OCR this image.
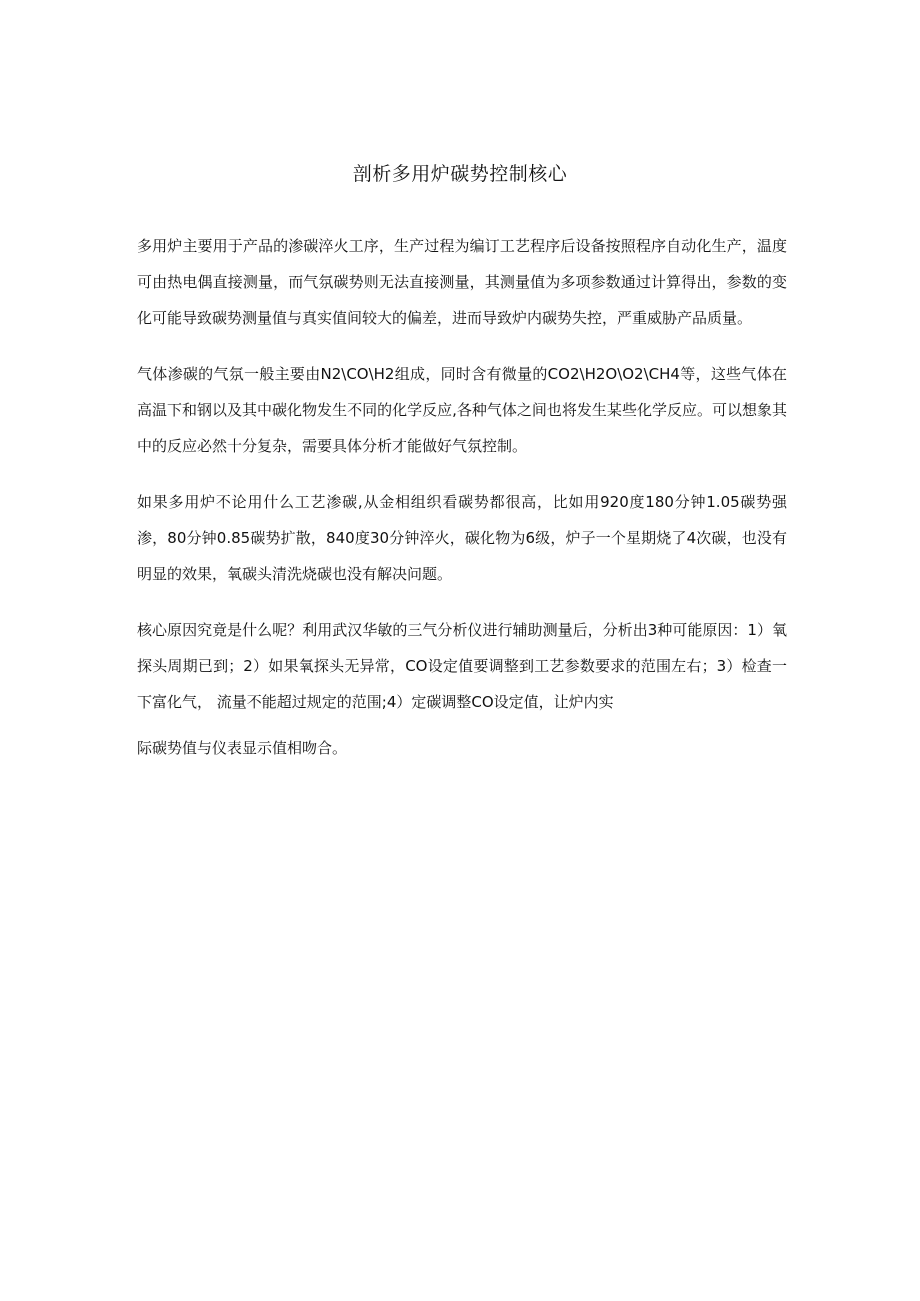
剖析多用炉碳势控制核心

多用炉主要用于产品的渗碳淬火工序，生产过程为编订工艺程序后设备按照程序自动化生产，温度可由热电偶直接测量，而气氛碳势则无法直接测量，其测量值为多项参数通过计算得出，参数的变化可能导致碳势测量值与真实值间较大的偏差，进而导致炉内碳势失控，严重威胁产品质量。

气体渗碳的气氛一般主要由N2\CO\H2组成，同时含有微量的CO2\H2O\O2\CH4等，这些气体在高温下和钢以及其中碳化物发生不同的化学反应,各种气体之间也将发生某些化学反应。可以想象其中的反应必然十分复杂，需要具体分析才能做好气氛控制。

如果多用炉不论用什么工艺渗碳,从金相组织看碳势都很高，比如用920度180分钟1.05碳势强渗，80分钟0.85碳势扩散，840度30分钟淬火，碳化物为6级，炉子一个星期烧了4次碳，也没有明显的效果，氧碳头清洗烧碳也没有解决问题。

核心原因究竟是什么呢？利用武汉华敏的三气分析仪进行辅助测量后，分析出3种可能原因：1）氧探头周期已到；2）如果氧探头无异常，CO设定值要调整到工艺参数要求的范围左右；3）检查一下富化气， 流量不能超过规定的范围;4）定碳调整CO设定值，让炉内实

际碳势值与仪表显示值相吻合。
